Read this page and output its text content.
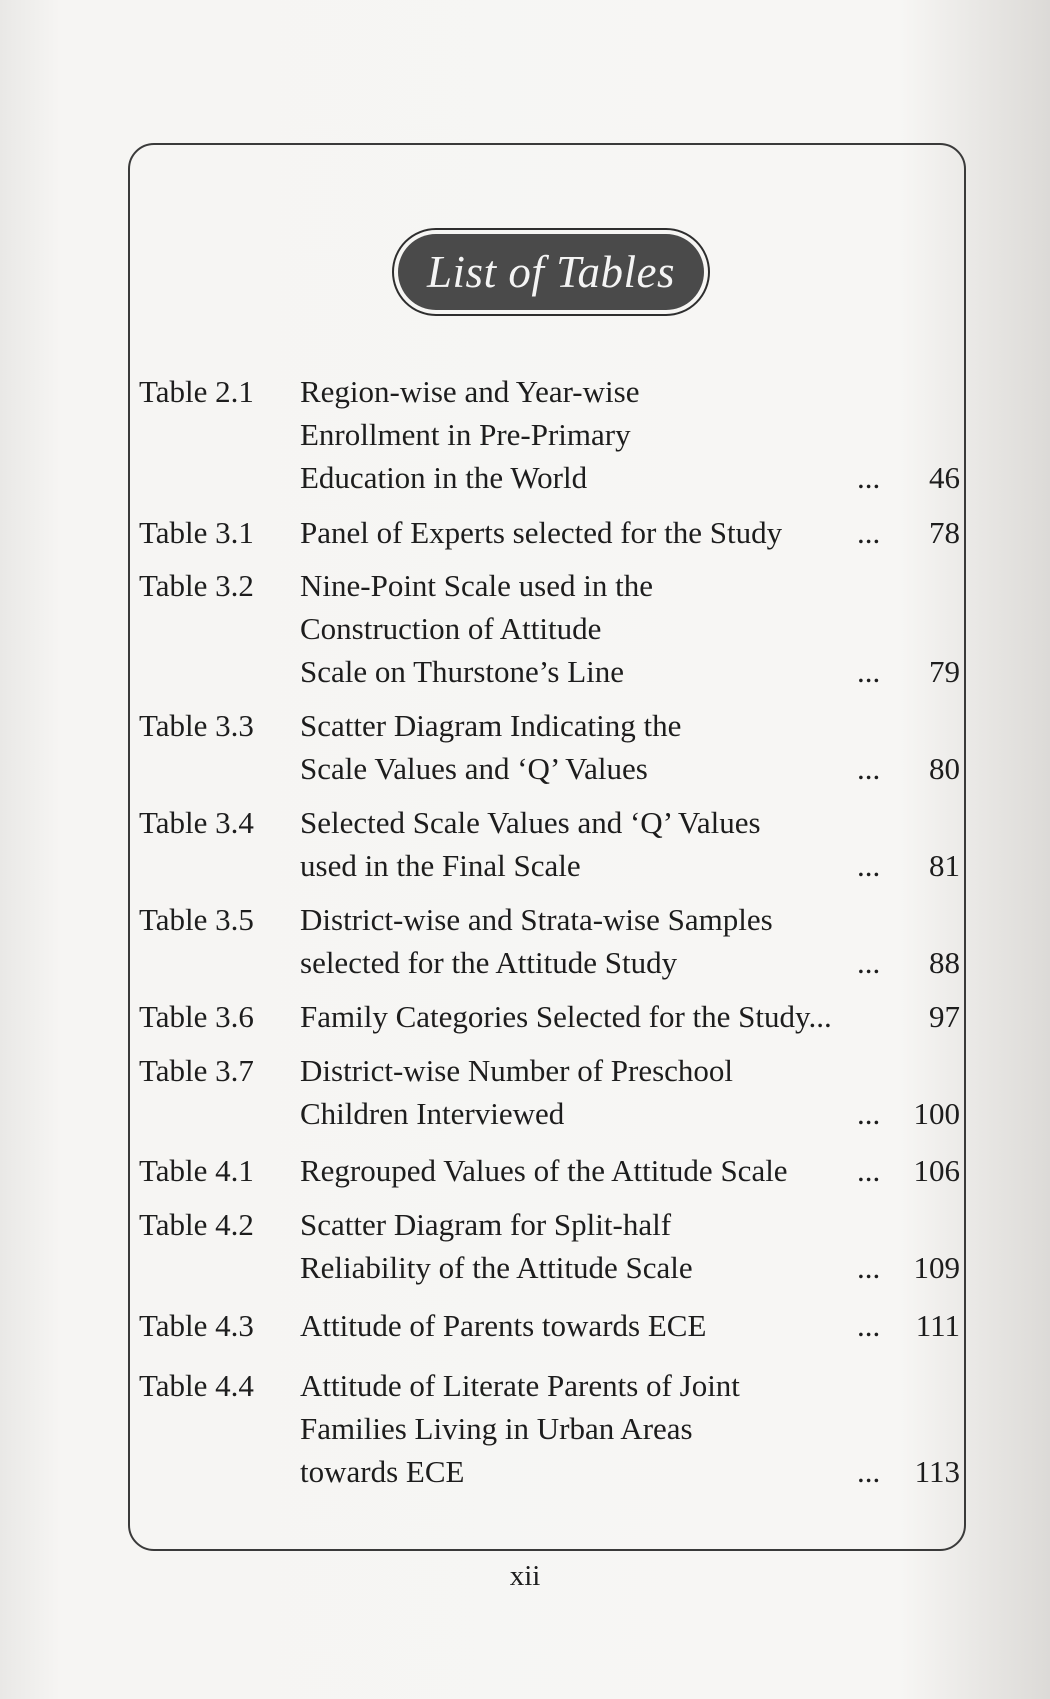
List of Tables
Table 2.1 Region-wise and Year-wise
Enrollment in Pre-Primary
Education in the World	... 46
Table 3.1 Panel of Experts selected for the Study	... 78
Table 3.2 Nine-Point Scale used in the
Construction of Attitude
Scale on Thurstone’s Line	... 79
Table 3.3 Scatter Diagram Indicating the
Scale Values and ‘Q’ Values	... 80
Table 3.4 Selected Scale Values and ‘Q’ Values
used in the Final Scale	... 81
Table 3.5 District-wise and Strata-wise Samples
selected for the Attitude Study	... 88
Table 3.6 Family Categories Selected for the Study...	97
Table 3.7 District-wise Number of Preschool
Children Interviewed	... 100
Table 4.1 Regrouped Values of the Attitude Scale	... 106
Table 4.2 Scatter Diagram for Split-half
Reliability of the Attitude Scale	... 109
Table 4.3 Attitude of Parents towards ECE	... 111
Table 4.4 Attitude of Literate Parents of Joint
Families Living in Urban Areas
towards ECE	... 113
xii
